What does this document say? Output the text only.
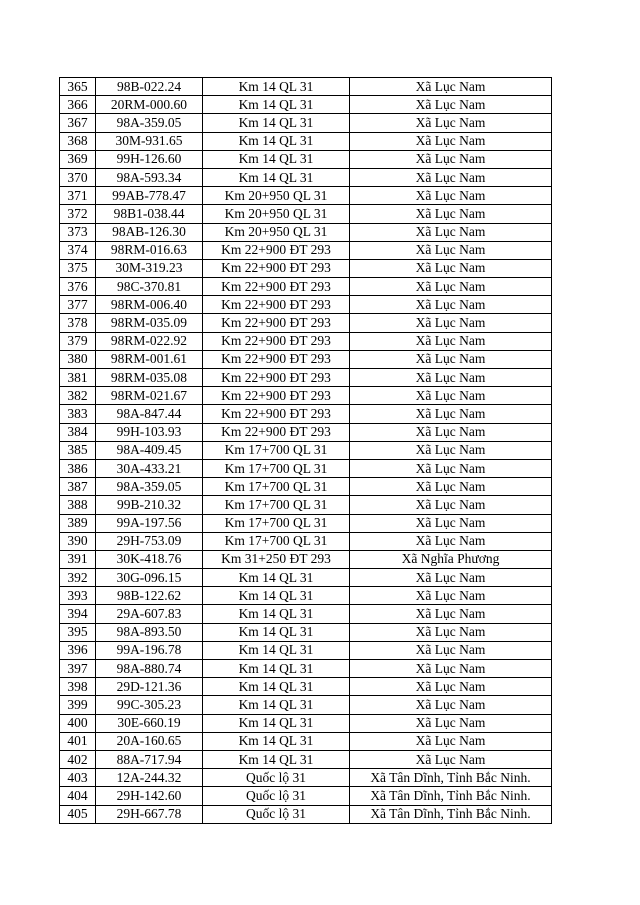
365	98B-022.24	Km 14 QL 31	Xã Lục Nam
366	20RM-000.60	Km 14 QL 31	Xã Lục Nam
367	98A-359.05	Km 14 QL 31	Xã Lục Nam
368	30M-931.65	Km 14 QL 31	Xã Lục Nam
369	99H-126.60	Km 14 QL 31	Xã Lục Nam
370	98A-593.34	Km 14 QL 31	Xã Lục Nam
371	99AB-778.47	Km 20+950 QL 31	Xã Lục Nam
372	98B1-038.44	Km 20+950 QL 31	Xã Lục Nam
373	98AB-126.30	Km 20+950 QL 31	Xã Lục Nam
374	98RM-016.63	Km 22+900 ĐT 293	Xã Lục Nam
375	30M-319.23	Km 22+900 ĐT 293	Xã Lục Nam
376	98C-370.81	Km 22+900 ĐT 293	Xã Lục Nam
377	98RM-006.40	Km 22+900 ĐT 293	Xã Lục Nam
378	98RM-035.09	Km 22+900 ĐT 293	Xã Lục Nam
379	98RM-022.92	Km 22+900 ĐT 293	Xã Lục Nam
380	98RM-001.61	Km 22+900 ĐT 293	Xã Lục Nam
381	98RM-035.08	Km 22+900 ĐT 293	Xã Lục Nam
382	98RM-021.67	Km 22+900 ĐT 293	Xã Lục Nam
383	98A-847.44	Km 22+900 ĐT 293	Xã Lục Nam
384	99H-103.93	Km 22+900 ĐT 293	Xã Lục Nam
385	98A-409.45	Km 17+700 QL 31	Xã Lục Nam
386	30A-433.21	Km 17+700 QL 31	Xã Lục Nam
387	98A-359.05	Km 17+700 QL 31	Xã Lục Nam
388	99B-210.32	Km 17+700 QL 31	Xã Lục Nam
389	99A-197.56	Km 17+700 QL 31	Xã Lục Nam
390	29H-753.09	Km 17+700 QL 31	Xã Lục Nam
391	30K-418.76	Km 31+250 ĐT 293	Xã Nghĩa Phương
392	30G-096.15	Km 14 QL 31	Xã Lục Nam
393	98B-122.62	Km 14 QL 31	Xã Lục Nam
394	29A-607.83	Km 14 QL 31	Xã Lục Nam
395	98A-893.50	Km 14 QL 31	Xã Lục Nam
396	99A-196.78	Km 14 QL 31	Xã Lục Nam
397	98A-880.74	Km 14 QL 31	Xã Lục Nam
398	29D-121.36	Km 14 QL 31	Xã Lục Nam
399	99C-305.23	Km 14 QL 31	Xã Lục Nam
400	30E-660.19	Km 14 QL 31	Xã Lục Nam
401	20A-160.65	Km 14 QL 31	Xã Lục Nam
402	88A-717.94	Km 14 QL 31	Xã Lục Nam
403	12A-244.32	Quốc lộ 31	Xã Tân Dĩnh, Tỉnh Bắc Ninh.
404	29H-142.60	Quốc lộ 31	Xã Tân Dĩnh, Tỉnh Bắc Ninh.
405	29H-667.78	Quốc lộ 31	Xã Tân Dĩnh, Tỉnh Bắc Ninh.
